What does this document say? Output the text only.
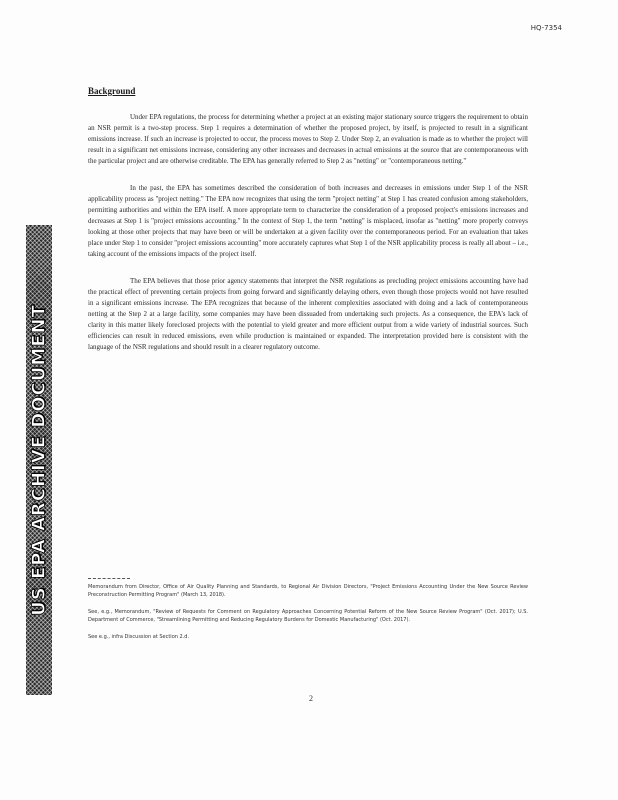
US EPA ARCHIVE DOCUMENT
HQ-7354
Background

Under EPA regulations, the process for determining whether a project at an existing major stationary source triggers the requirement to obtain an NSR permit is a two-step process. Step 1 requires a determination of whether the proposed project, by itself, is projected to result in a significant emissions increase. If such an increase is projected to occur, the process moves to Step 2. Under Step 2, an evaluation is made as to whether the project will result in a significant net emissions increase, considering any other increases and decreases in actual emissions at the source that are contemporaneous with the particular project and are otherwise creditable. The EPA has generally referred to Step 2 as "netting" or "contemporaneous netting."

In the past, the EPA has sometimes described the consideration of both increases and decreases in emissions under Step 1 of the NSR applicability process as "project netting." The EPA now recognizes that using the term "project netting" at Step 1 has created confusion among stakeholders, permitting authorities and within the EPA itself. A more appropriate term to characterize the consideration of a proposed project's emissions increases and decreases at Step 1 is "project emissions accounting." In the context of Step 1, the term "netting" is misplaced, insofar as "netting" more properly conveys looking at those other projects that may have been or will be undertaken at a given facility over the contemporaneous period. For an evaluation that takes place under Step 1 to consider "project emissions accounting" more accurately captures what Step 1 of the NSR applicability process is really all about – i.e., taking account of the emissions impacts of the project itself.

The EPA believes that those prior agency statements that interpret the NSR regulations as precluding project emissions accounting have had the practical effect of preventing certain projects from going forward and significantly delaying others, even though those projects would not have resulted in a significant emissions increase. The EPA recognizes that because of the inherent complexities associated with doing and a lack of contemporaneous netting at the Step 2 at a large facility, some companies may have been dissuaded from undertaking such projects. As a consequence, the EPA's lack of clarity in this matter likely foreclosed projects with the potential to yield greater and more efficient output from a wide variety of industrial sources. Such efficiencies can result in reduced emissions, even while production is maintained or expanded. The interpretation provided here is consistent with the language of the NSR regulations and should result in a clearer regulatory outcome.

Memorandum from Director, Office of Air Quality Planning and Standards, to Regional Air Division Directors, "Project Emissions Accounting Under the New Source Review Preconstruction Permitting Program" (March 13, 2018).

See, e.g., Memorandum, "Review of Requests for Comment on Regulatory Approaches Concerning Potential Reform of the New Source Review Program" (Oct. 2017); U.S. Department of Commerce, "Streamlining Permitting and Reducing Regulatory Burdens for Domestic Manufacturing" (Oct. 2017).

See e.g., infra Discussion at Section 2.d.

2
